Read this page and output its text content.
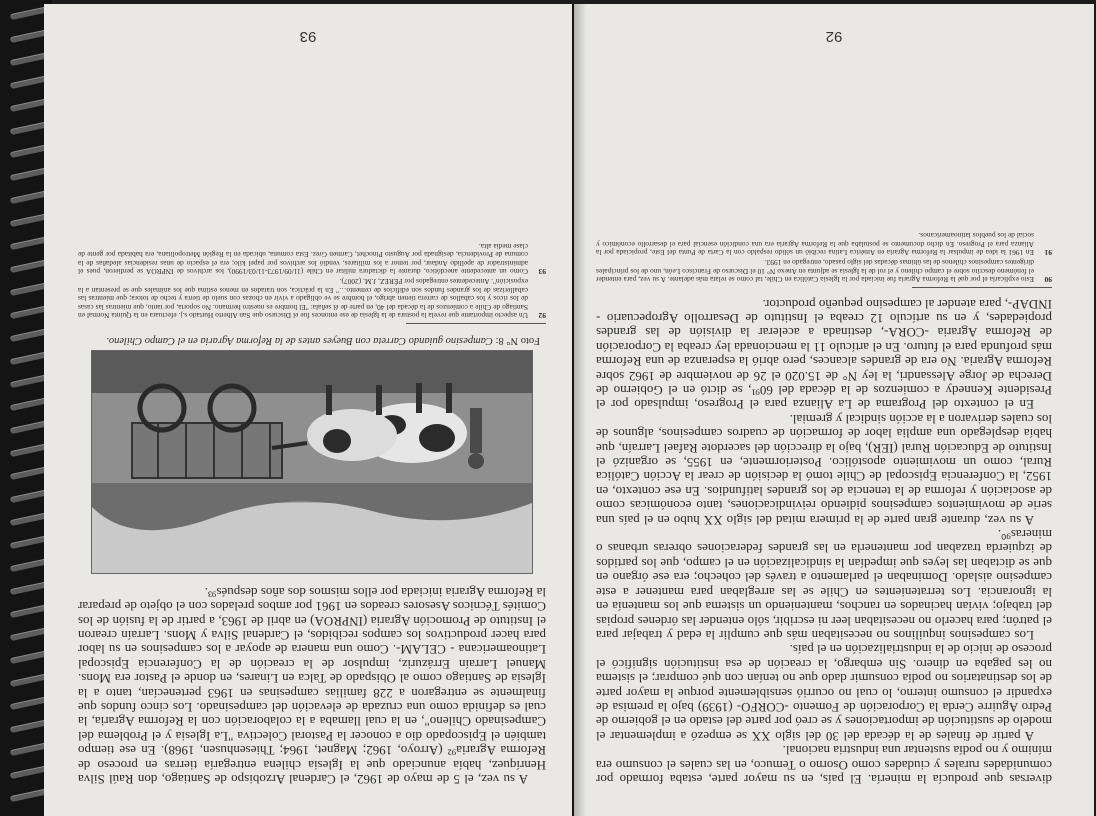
diversas que producía la minería. El país, en su mayor parte, estaba formado por comunidades rurales y ciudades como Osorno o Temuco, en las cuales el consumo era mínimo y no podía sustentar una industria nacional.

A partir de finales de la década del 30 del siglo XX se empezó a implementar el modelo de sustitución de importaciones y se creó por parte del estado en el gobierno de Pedro Aguirre Cerda la Corporación de Fomento -CORFO- (1939) bajo la premisa de expandir el consumo interno, lo cual no ocurrió sensiblemente porque la mayor parte de los destinatarios no podía consumir dado que no tenían con qué comprar; el sistema no les pagaba en dinero. Sin embargo, la creación de esa institución significó el proceso de inicio de la industrialización en el país.

Los campesinos inquilinos no necesitaban más que cumplir la edad y trabajar para el patrón; para hacerlo no necesitaban leer ni escribir, sólo entender las órdenes propias del trabajo; vivían hacinados en ranchos, manteniendo un sistema que los mantenía en la ignorancia. Los terratenientes en Chile se las arreglaban para mantener a este campesino aislado. Dominaban el parlamento a través del cohecho; era ese órgano en que se dictaban las leyes que impedían la sindicalización en el campo, que los partidos de izquierda trazaban por mantenerla en las grandes federaciones obreras urbanas o mineras⁹⁰.

A su vez, durante gran parte de la primera mitad del siglo XX hubo en el país una serie de movimientos campesinos pidiendo reivindicaciones, tanto económicas como de asociación y reforma de la tenencia de los grandes latifundios. En ese contexto, en 1952, la Conferencia Episcopal de Chile tomó la decisión de crear la Acción Católica Rural, como un movimiento apostólico. Posteriormente, en 1955, se organizó el Instituto de Educación Rural (IER), bajo la dirección del sacerdote Rafael Larraín, que había desplegado una amplia labor de formación de cuadros campesinos, algunos de los cuales derivaron a la acción sindical y gremial.

En el contexto del Programa de La Alianza para el Progreso, impulsado por el Presidente Kennedy a comienzos de la década del 60⁹¹, se dictó en el Gobierno de Derecha de Jorge Alessandri, la ley N° de 15.020 el 26 de noviembre de 1962 sobre Reforma Agraria. No era de grandes alcances, pero abrió la esperanza de una Reforma más profunda para el futuro. En el artículo 11 la mencionada ley creaba la Corporación de Reforma Agraria -CORA-, destinada a acelerar la división de las grandes propiedades, y en su artículo 12 creaba el Instituto de Desarrollo Agropecuario -INDAP-, para atender al campesino pequeño productor.

90
Esto explicaría el por qué la Reforma Agraria fue iniciada por la Iglesia Católica en Chile, tal como se relata más adelante. A su vez, para entender el fenómeno descrito sobre el campo chileno y el rol de la Iglesia se adjunta en Anexo N° 10 el Discurso de Francisco León, uno de los principales dirigentes campesinos chilenos de las últimas décadas del siglo pasado, entregado en 1993.
91
En 1961 la idea de impulsar la Reforma Agraria en América Latina recibió un sólido respaldo con la Carta de Punta del Este, propiciada por la Alianza para el Progreso. En dicho documento se postulaba que la Reforma Agraria era una condición esencial para el desarrollo económico y social de los pueblos latinoamericanos.
92

A su vez, el 5 de mayo de 1962, el Cardenal Arzobispo de Santiago, don Raúl Silva Henríquez, había anunciado que la Iglesia chilena entregaría tierras en proceso de Reforma Agraria⁹² (Arroyo, 1962; Magnet, 1964; Thiesenhusen, 1968). En ese tiempo también el Episcopado dio a conocer la Pastoral Colectiva "La Iglesia y el Problema del Campesinado Chileno", en la cual llamaba a la colaboración con la Reforma Agraria, la cual es definida como una cruzada de elevación del campesinado. Los cinco fundos que finalmente se entregaron a 228 familias campesinas en 1963 pertenecían, tanto a la Iglesia de Santiago como al Obispado de Talca en Linares, en donde el Pastor era Mons. Manuel Larraín Errázuriz, impulsor de la creación de la Conferencia Episcopal Latinoamericana - CELAM-. Como una manera de apoyar a los campesinos en su labor para hacer productivos los campos recibidos, el Cardenal Silva y Mons. Larraín crearon el Instituto de Promoción Agraria (INPROA) en abril de 1963, a partir de la fusión de los Comités Técnicos Asesores creados en 1961 por ambos prelados con el objeto de preparar la Reforma Agraria iniciada por ellos mismos dos años después⁹³.

Foto N° 8: Campesino guiando Carreta con Bueyes antes de la Reforma Agraria en el Campo Chileno.
92
Un aspecto importante que revela la postura de la Iglesia de ese entonces fue el Discurso que San Alberto Hurtado s.j. efectuara en la Quinta Normal en Santiago de Chile a comienzos de la década del 40, en parte de él señala: "El hombre es nuestro hermano. No soporta, por tanto, que mientras las casas de los ricos y los caballos de carrera tienen abrigo, el hombre se ve obligado a vivir en chozas con suelo de tierra y techo de totora; que mientras las caballerizas de los grandes fundos son edificios de cemento…" En la práctica, son tratados en menos estima que los animales que se presentan a la exposición". Antecedentes entregados por PÉREZ, J.M. (2007).
93
Como un antecedente anecdótico, durante la dictadura militar en Chile (11/09/1973-11/03/1990), los archivos de INPROA se perdieron, pues el administrador de apellido Andaur, por temor a los militares, vendió los archivos por papel kilo; era el espacio de unas residencias aledañas de la comuna de Providencia, designada por Augusto Pinochet, Carmen Grez. Esta comuna, ubicada en la Región Metropolitana, era habitada por gente de clase media alta.
93
